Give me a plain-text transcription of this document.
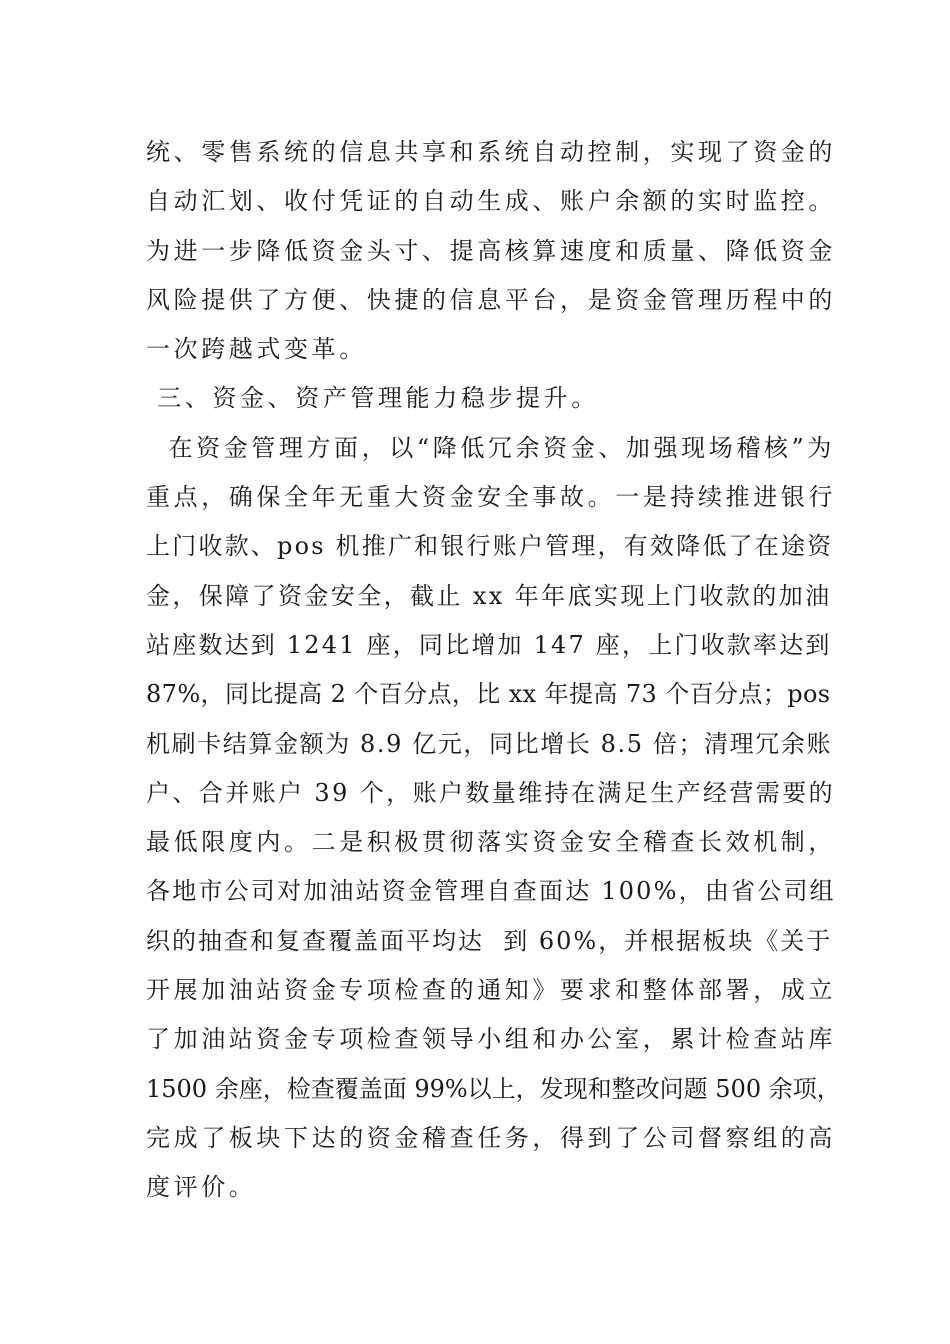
统、零售系统的信息共享和系统自动控制，实现了资金的
自动汇划、收付凭证的自动生成、账户余额的实时监控。
为进一步降低资金头寸、提高核算速度和质量、降低资金
风险提供了方便、快捷的信息平台，是资金管理历程中的
一次跨越式变革。
三、资金、资产管理能力稳步提升。
在资金管理方面，以“降低冗余资金、加强现场稽核”为
重点，确保全年无重大资金安全事故。一是持续推进银行
上门收款、pos 机推广和银行账户管理，有效降低了在途资
金，保障了资金安全，截止 xx 年年底实现上门收款的加油
站座数达到 1241 座，同比增加 147 座，上门收款率达到
87%，同比提高 2 个百分点，比 xx 年提高 73 个百分点；pos
机刷卡结算金额为 8.9 亿元，同比增长 8.5 倍；清理冗余账
户、合并账户 39 个，账户数量维持在满足生产经营需要的
最低限度内。二是积极贯彻落实资金安全稽查长效机制，
各地市公司对加油站资金管理自查面达 100%，由省公司组
织的抽查和复查覆盖面平均达  到 60%，并根据板块《关于
开展加油站资金专项检查的通知》要求和整体部署，成立
了加油站资金专项检查领导小组和办公室，累计检查站库
1500 余座，检查覆盖面 99%以上，发现和整改问题 500 余项，
完成了板块下达的资金稽查任务，得到了公司督察组的高
度评价。
